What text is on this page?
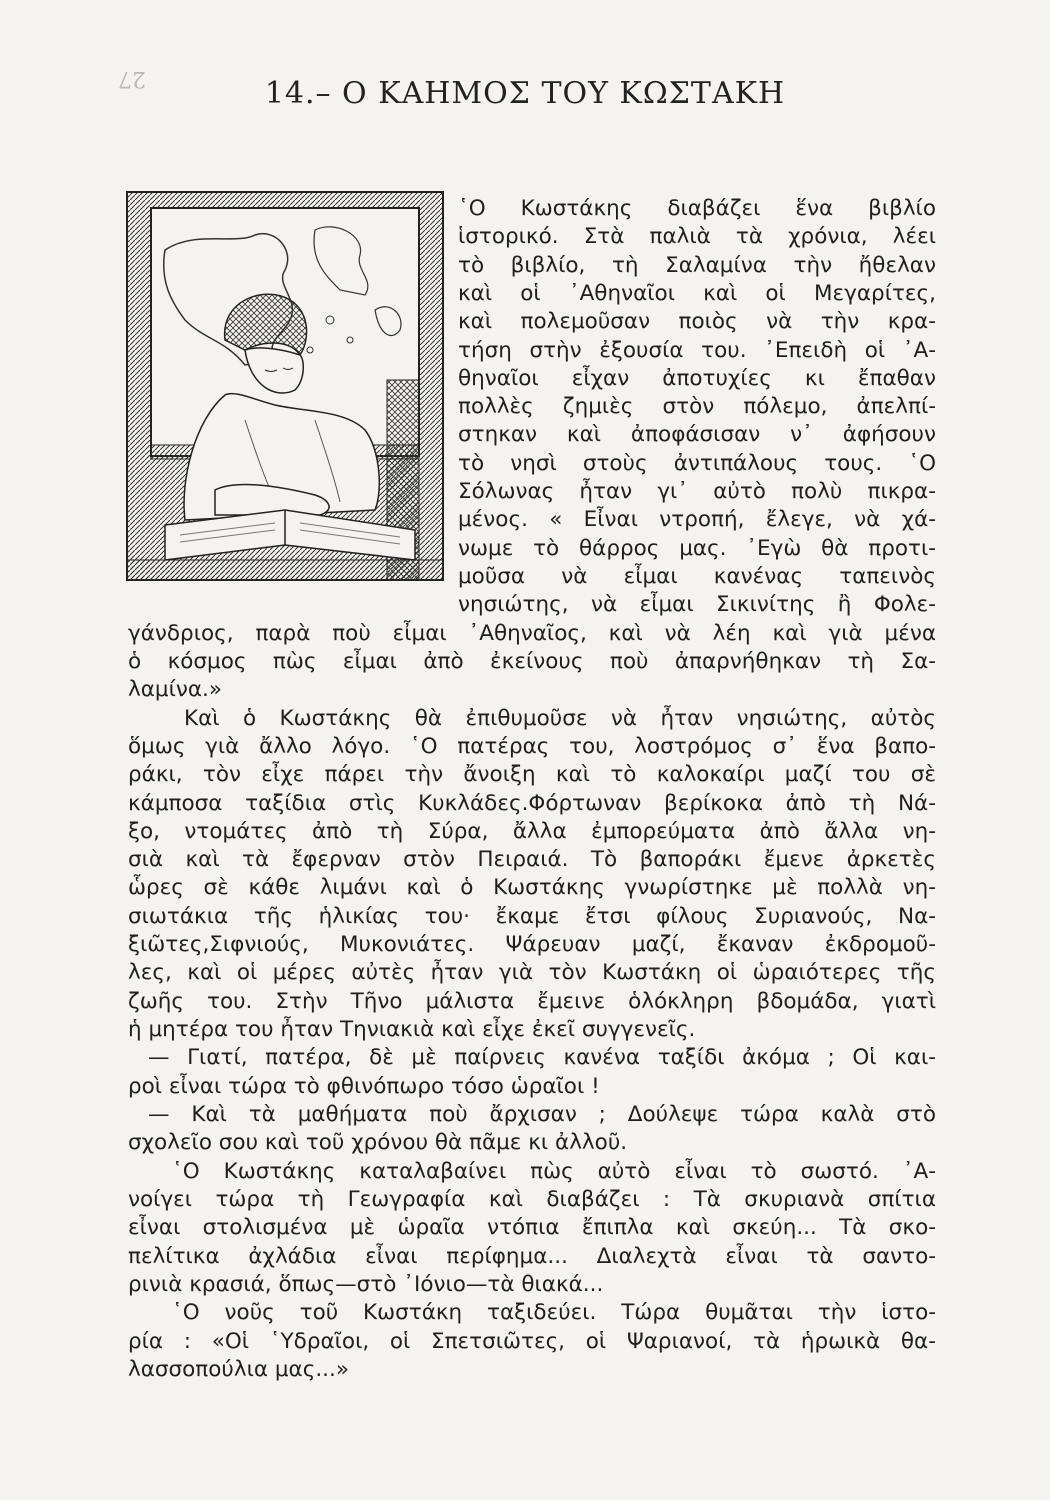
27	14.– Ο ΚΑΗΜΟΣ ΤΟΥ ΚΩΣΤΑΚΗ
῾Ο Κωστάκης διαβάζει ἕνα βιβλίο
ἱστορικό. Στὰ παλιὰ τὰ χρόνια, λέει
τὸ βιβλίο, τὴ Σαλαμίνα τὴν ἤθελαν
καὶ οἱ ᾿Αθηναῖοι καὶ οἱ Μεγαρίτες,
καὶ πολεμοῦσαν ποιὸς νὰ τὴν κρα-
τήση στὴν ἐξουσία του. ᾿Επειδὴ οἱ ᾿Α-
θηναῖοι εἶχαν ἀποτυχίες κι ἔπαθαν
πολλὲς ζημιὲς στὸν πόλεμο, ἀπελπί-
στηκαν καὶ ἀποφάσισαν ν᾿ ἀφήσουν
τὸ νησὶ στοὺς ἀντιπάλους τους. ῾Ο
Σόλωνας ἦταν γι᾿ αὐτὸ πολὺ πικρα-
μένος. « Εἶναι ντροπή, ἔλεγε, νὰ χά-
νωμε τὸ θάρρος μας. ᾿Εγὼ θὰ προτι-
μοῦσα νὰ εἶμαι κανένας ταπεινὸς
νησιώτης, νὰ εἶμαι Σικινίτης ἢ Φολε-
γάνδριος, παρὰ ποὺ εἶμαι ᾿Αθηναῖος, καὶ νὰ λέη καὶ γιὰ μένα
ὁ κόσμος πὼς εἶμαι ἀπὸ ἐκείνους ποὺ ἀπαρνήθηκαν τὴ Σα-
λαμίνα.»
Καὶ ὁ Κωστάκης θὰ ἐπιθυμοῦσε νὰ ἦταν νησιώτης, αὐτὸς
ὅμως γιὰ ἄλλο λόγο. ῾Ο πατέρας του, λοστρόμος σ᾿ ἕνα βαπο-
ράκι, τὸν εἶχε πάρει τὴν ἄνοιξη καὶ τὸ καλοκαίρι μαζί του σὲ
κάμποσα ταξίδια στὶς Κυκλάδες.Φόρτωναν βερίκοκα ἀπὸ τὴ Νά-
ξο, ντομάτες ἀπὸ τὴ Σύρα, ἄλλα ἐμπορεύματα ἀπὸ ἄλλα νη-
σιὰ καὶ τὰ ἔφερναν στὸν Πειραιά. Τὸ βαποράκι ἔμενε ἀρκετὲς
ὧρες σὲ κάθε λιμάνι καὶ ὁ Κωστάκης γνωρίστηκε μὲ πολλὰ νη-
σιωτάκια τῆς ἡλικίας του· ἔκαμε ἔτσι φίλους Συριανούς, Να-
ξιῶτες,Σιφνιούς, Μυκονιάτες. Ψάρευαν μαζί, ἔκαναν ἐκδρομοῦ-
λες, καὶ οἱ μέρες αὐτὲς ἦταν γιὰ τὸν Κωστάκη οἱ ὡραιότερες τῆς
ζωῆς του. Στὴν Τῆνο μάλιστα ἔμεινε ὁλόκληρη βδομάδα, γιατὶ
ἡ μητέρα του ἦταν Τηνιακιὰ καὶ εἶχε ἐκεῖ συγγενεῖς.
— Γιατί, πατέρα, δὲ μὲ παίρνεις κανένα ταξίδι ἀκόμα ; Οἱ και-
ροὶ εἶναι τώρα τὸ φθινόπωρο τόσο ὡραῖοι !
— Καὶ τὰ μαθήματα ποὺ ἄρχισαν ; Δούλεψε τώρα καλὰ στὸ
σχολεῖο σου καὶ τοῦ χρόνου θὰ πᾶμε κι ἀλλοῦ.
῾Ο Κωστάκης καταλαβαίνει πὼς αὐτὸ εἶναι τὸ σωστό. ᾿Α-
νοίγει τώρα τὴ Γεωγραφία καὶ διαβάζει : Τὰ σκυριανὰ σπίτια
εἶναι στολισμένα μὲ ὡραῖα ντόπια ἔπιπλα καὶ σκεύη... Τὰ σκο-
πελίτικα ἀχλάδια εἶναι περίφημα... Διαλεχτὰ εἶναι τὰ σαντο-
ρινιὰ κρασιά, ὅπως—στὸ ᾿Ιόνιο—τὰ θιακά...
῾Ο νοῦς τοῦ Κωστάκη ταξιδεύει. Τώρα θυμᾶται τὴν ἱστο-
ρία : «Οἱ ῾Υδραῖοι, οἱ Σπετσιῶτες, οἱ Ψαριανοί, τὰ ἡρωικὰ θα-
λασσοπούλια μας...»
